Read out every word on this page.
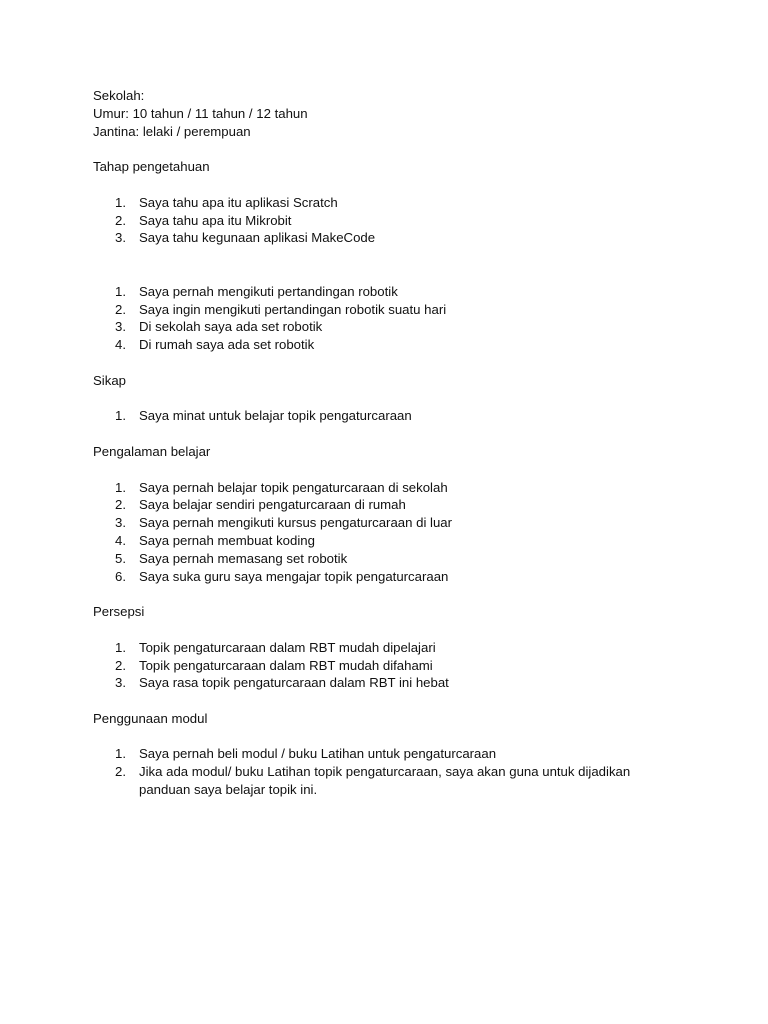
Sekolah:

Umur: 10 tahun / 11 tahun / 12 tahun

Jantina: lelaki / perempuan

Tahap pengetahuan

1. Saya tahu apa itu aplikasi Scratch
2. Saya tahu apa itu Mikrobit
3. Saya tahu kegunaan aplikasi MakeCode
1. Saya pernah mengikuti pertandingan robotik
2. Saya ingin mengikuti pertandingan robotik suatu hari
3. Di sekolah saya ada set robotik
4. Di rumah saya ada set robotik

Sikap

1. Saya minat untuk belajar topik pengaturcaraan

Pengalaman belajar

1. Saya pernah belajar topik pengaturcaraan di sekolah
2. Saya belajar sendiri pengaturcaraan di rumah
3. Saya pernah mengikuti kursus pengaturcaraan di luar
4. Saya pernah membuat koding
5. Saya pernah memasang set robotik
6. Saya suka guru saya mengajar topik pengaturcaraan

Persepsi

1. Topik pengaturcaraan dalam RBT mudah dipelajari
2. Topik pengaturcaraan dalam RBT mudah difahami
3. Saya rasa topik pengaturcaraan dalam RBT ini hebat

Penggunaan modul

1. Saya pernah beli modul / buku Latihan untuk pengaturcaraan
2. Jika ada modul/ buku Latihan topik pengaturcaraan, saya akan guna untuk dijadikan
panduan saya belajar topik ini.
